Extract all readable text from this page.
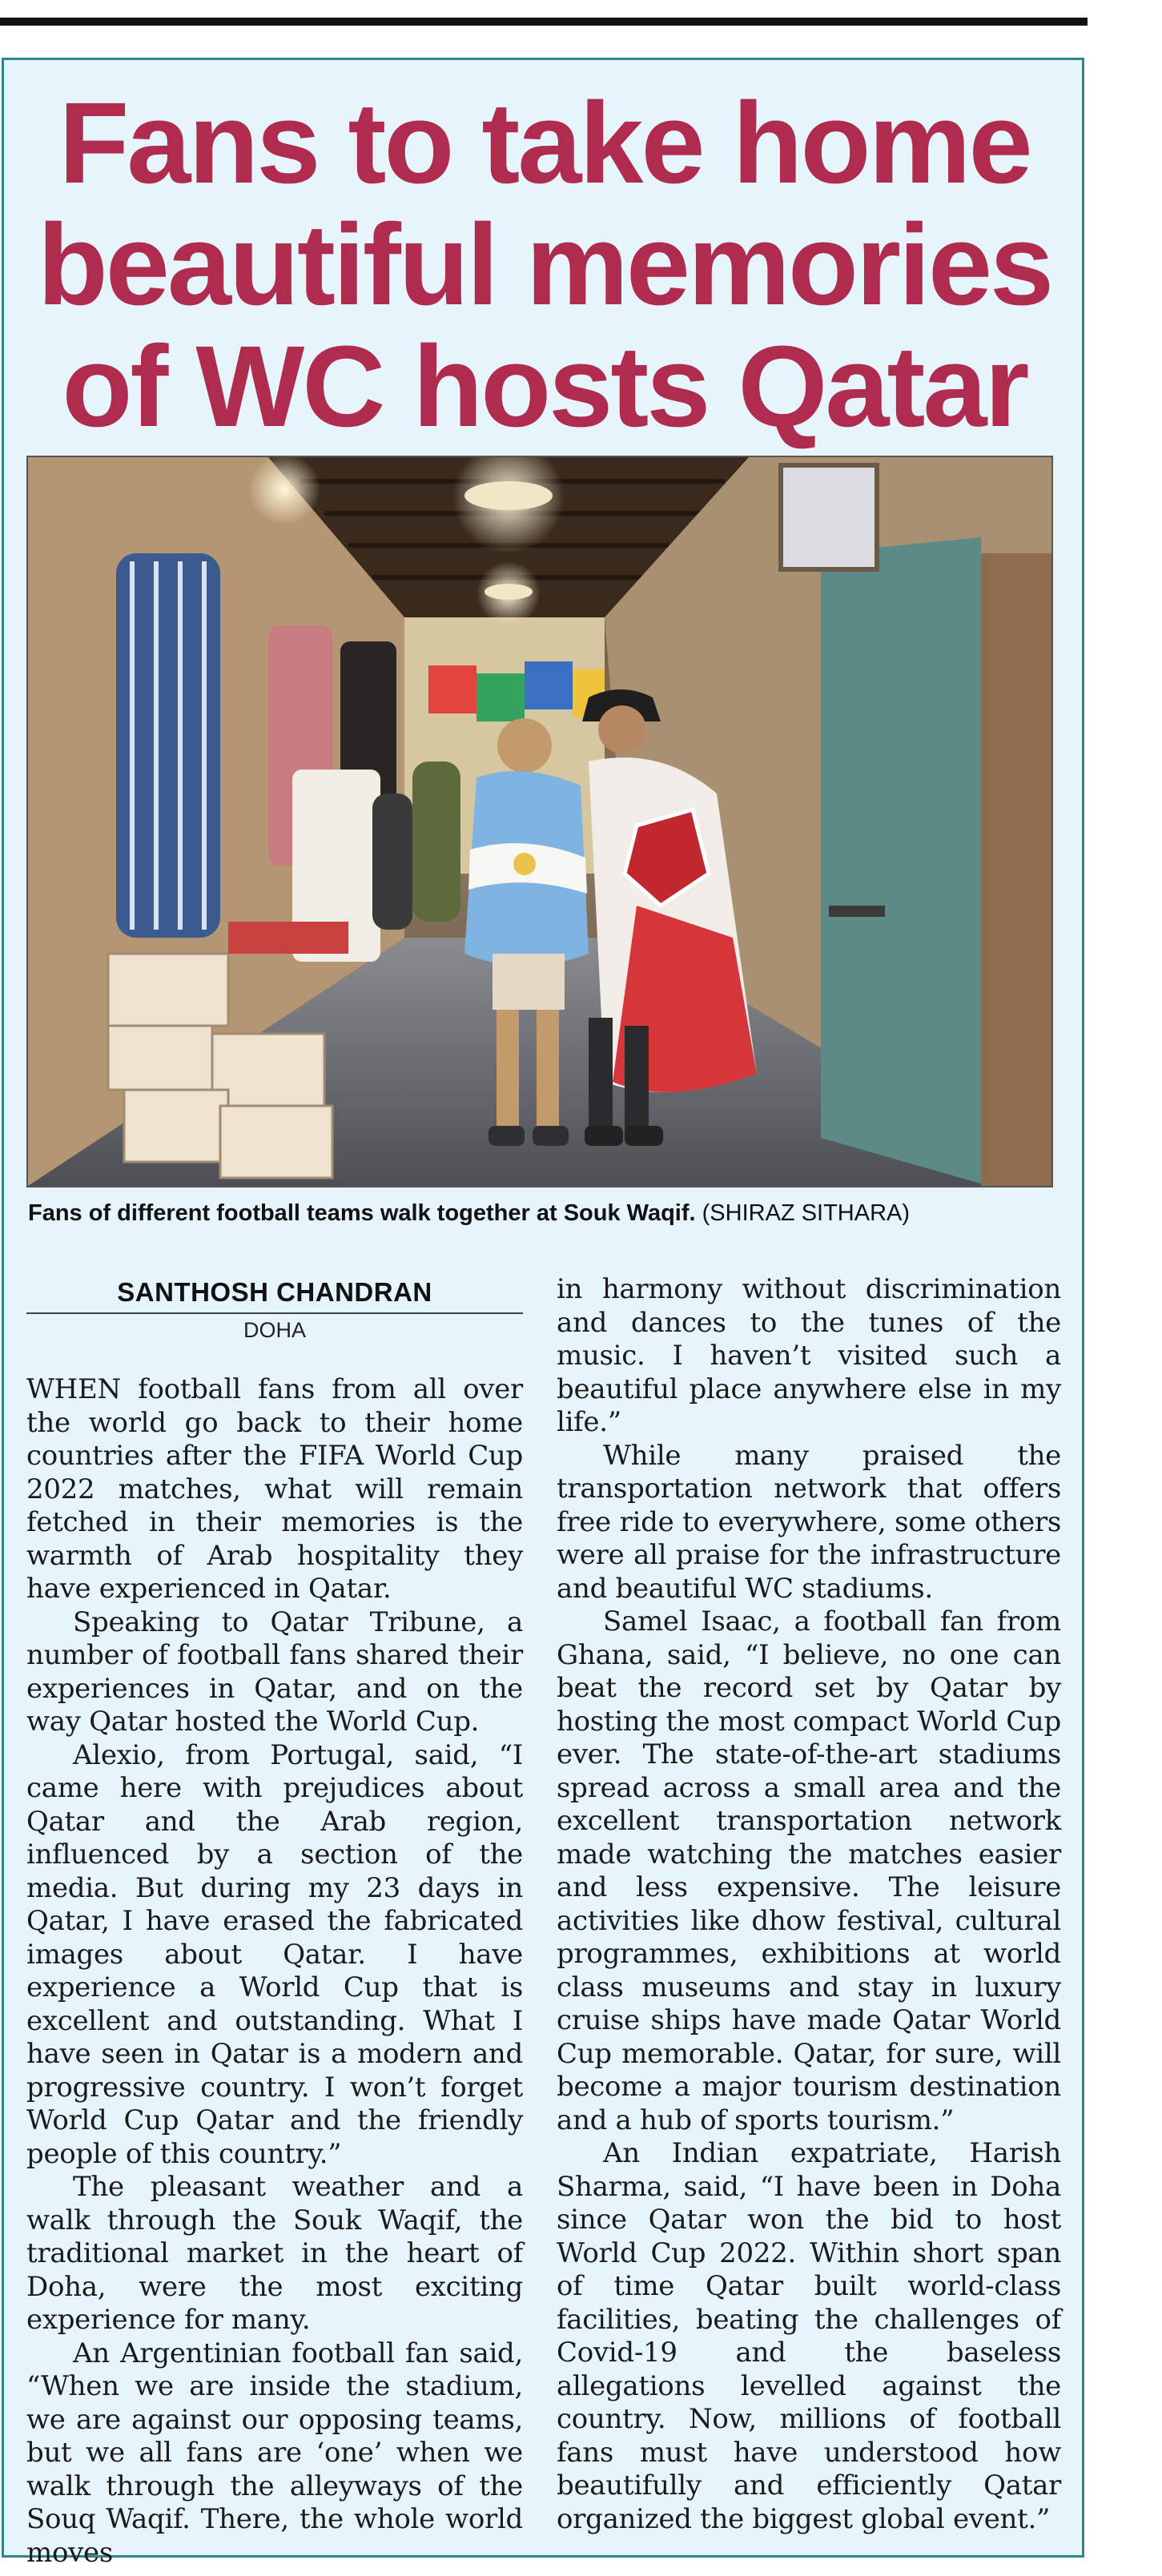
Fans to take home beautiful memories of WC hosts Qatar
Fans of different football teams walk together at Souk Waqif. (SHIRAZ SITHARA)
SANTHOSH CHANDRAN
DOHA

WHEN football fans from all over the world go back to their home countries after the FIFA World Cup 2022 matches, what will remain fetched in their memories is the warmth of Arab hospitality they have experienced in Qatar.

Speaking to Qatar Tribune, a number of football fans shared their experiences in Qatar, and on the way Qatar hosted the World Cup.

Alexio, from Portugal, said, “I came here with prejudices about Qatar and the Arab region, influenced by a section of the media. But during my 23 days in Qatar, I have erased the fabricated images about Qatar. I have experience a World Cup that is excellent and outstanding. What I have seen in Qatar is a modern and progressive country. I won’t forget World Cup Qatar and the friendly people of this country.”

The pleasant weather and a walk through the Souk Waqif, the traditional market in the heart of Doha, were the most exciting experience for many.

An Argentinian football fan said, “When we are inside the stadium, we are against our opposing teams, but we all fans are ‘one’ when we walk through the alleyways of the Souq Waqif. There, the whole world moves

in harmony without discrimination and dances to the tunes of the music. I haven’t visited such a beautiful place anywhere else in my life.”

While many praised the transportation network that offers free ride to everywhere, some others were all praise for the infrastructure and beautiful WC stadiums.

Samel Isaac, a football fan from Ghana, said, “I believe, no one can beat the record set by Qatar by hosting the most compact World Cup ever. The state-of-the-art stadiums spread across a small area and the excellent transportation network made watching the matches easier and less expensive. The leisure activities like dhow festival, cultural programmes, exhibitions at world class museums and stay in luxury cruise ships have made Qatar World Cup memorable. Qatar, for sure, will become a major tourism destination and a hub of sports tourism.”

An Indian expatriate, Harish Sharma, said, “I have been in Doha since Qatar won the bid to host World Cup 2022. Within short span of time Qatar built world-class facilities, beating the challenges of Covid-19 and the baseless allegations levelled against the country. Now, millions of football fans must have understood how beautifully and efficiently Qatar organized the biggest global event.”
